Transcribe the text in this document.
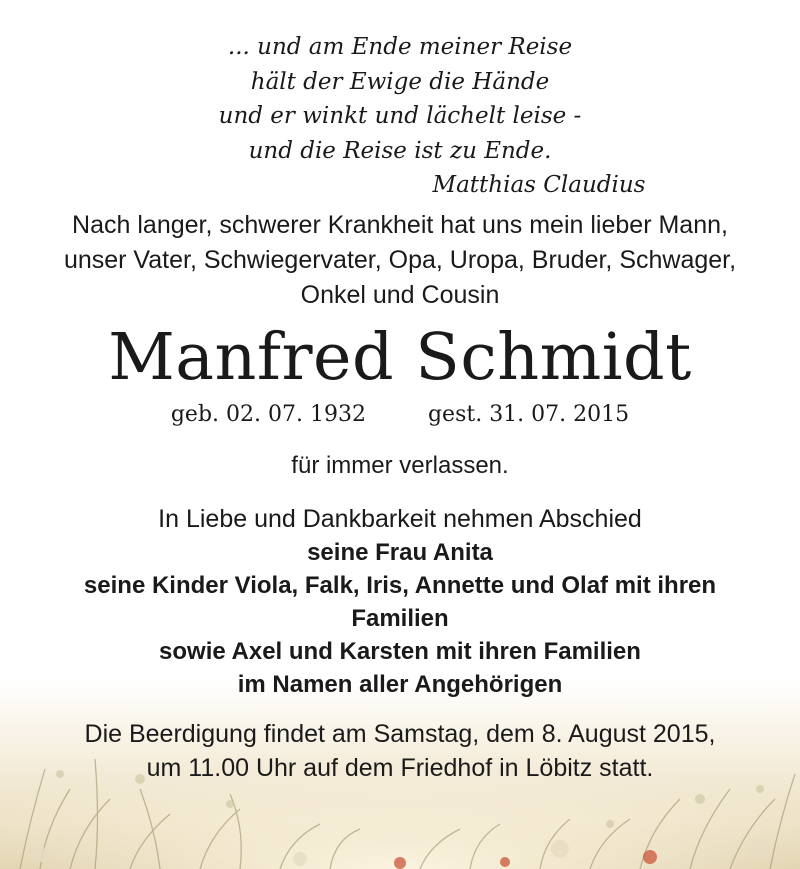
... und am Ende meiner Reise
hält der Ewige die Hände
und er winkt und lächelt leise -
und die Reise ist zu Ende.
Matthias Claudius
Nach langer, schwerer Krankheit hat uns mein lieber Mann,
unser Vater, Schwiegervater, Opa, Uropa, Bruder, Schwager,
Onkel und Cousin
Manfred Schmidt
geb. 02. 07. 1932	gest. 31. 07. 2015
für immer verlassen.
In Liebe und Dankbarkeit nehmen Abschied
seine Frau Anita
seine Kinder Viola, Falk, Iris, Annette und Olaf mit ihren
Familien
sowie Axel und Karsten mit ihren Familien
im Namen aller Angehörigen
Die Beerdigung findet am Samstag, dem 8. August 2015,
um 11.00 Uhr auf dem Friedhof in Löbitz statt.
